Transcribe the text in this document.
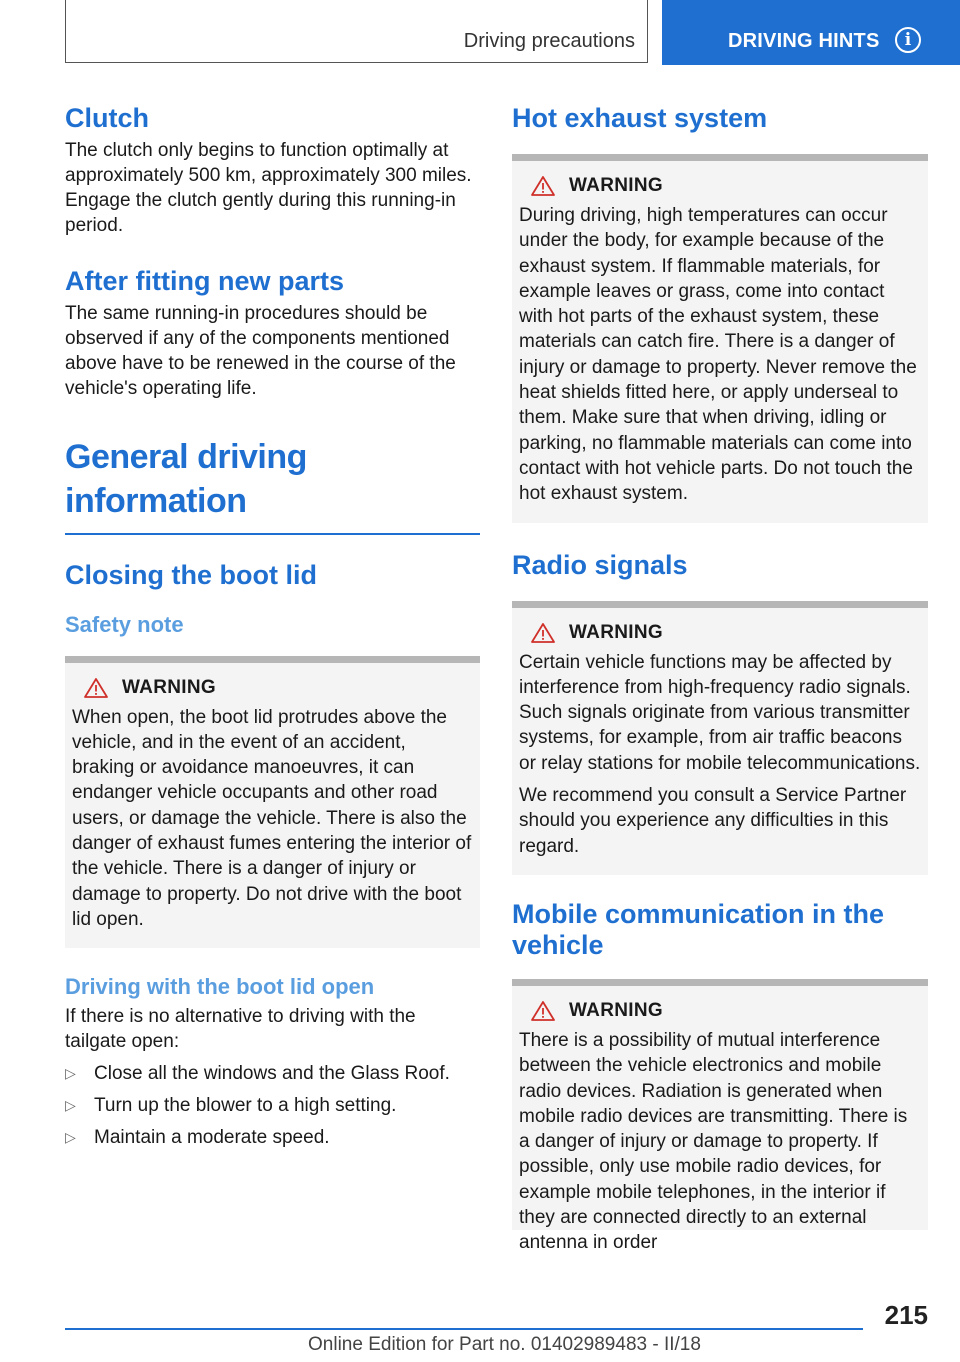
Driving precautions	DRIVING HINTS	i
Clutch

The clutch only begins to function optimally at approximately 500 km, approximately 300 miles. Engage the clutch gently during this running-in period.

After fitting new parts

The same running-in procedures should be observed if any of the components mentioned above have to be renewed in the course of the vehicle's operating life.

General driving information
Closing the boot lid
Safety note
WARNING

When open, the boot lid protrudes above the vehicle, and in the event of an accident, braking or avoidance manoeuvres, it can endanger vehicle occupants and other road users, or damage the vehicle. There is also the danger of exhaust fumes entering the interior of the vehicle. There is a danger of injury or damage to property. Do not drive with the boot lid open.

Driving with the boot lid open

If there is no alternative to driving with the tailgate open:

▷ Close all the windows and the Glass Roof.
▷ Turn up the blower to a high setting.
▷ Maintain a moderate speed.
Hot exhaust system
WARNING

During driving, high temperatures can occur under the body, for example because of the exhaust system. If flammable materials, for example leaves or grass, come into contact with hot parts of the exhaust system, these materials can catch fire. There is a danger of injury or damage to property. Never remove the heat shields fitted here, or apply underseal to them. Make sure that when driving, idling or parking, no flammable materials can come into contact with hot vehicle parts. Do not touch the hot exhaust system.

Radio signals
WARNING

Certain vehicle functions may be affected by interference from high-frequency radio signals. Such signals originate from various transmitter systems, for example, from air traffic beacons or relay stations for mobile telecommunications.

We recommend you consult a Service Partner should you experience any difficulties in this regard.

Mobile communication in the vehicle
WARNING

There is a possibility of mutual interference between the vehicle electronics and mobile radio devices. Radiation is generated when mobile radio devices are transmitting. There is a danger of injury or damage to property. If possible, only use mobile radio devices, for example mobile telephones, in the interior if they are connected directly to an external antenna in order

215
Online Edition for Part no. 01402989483 - II/18
